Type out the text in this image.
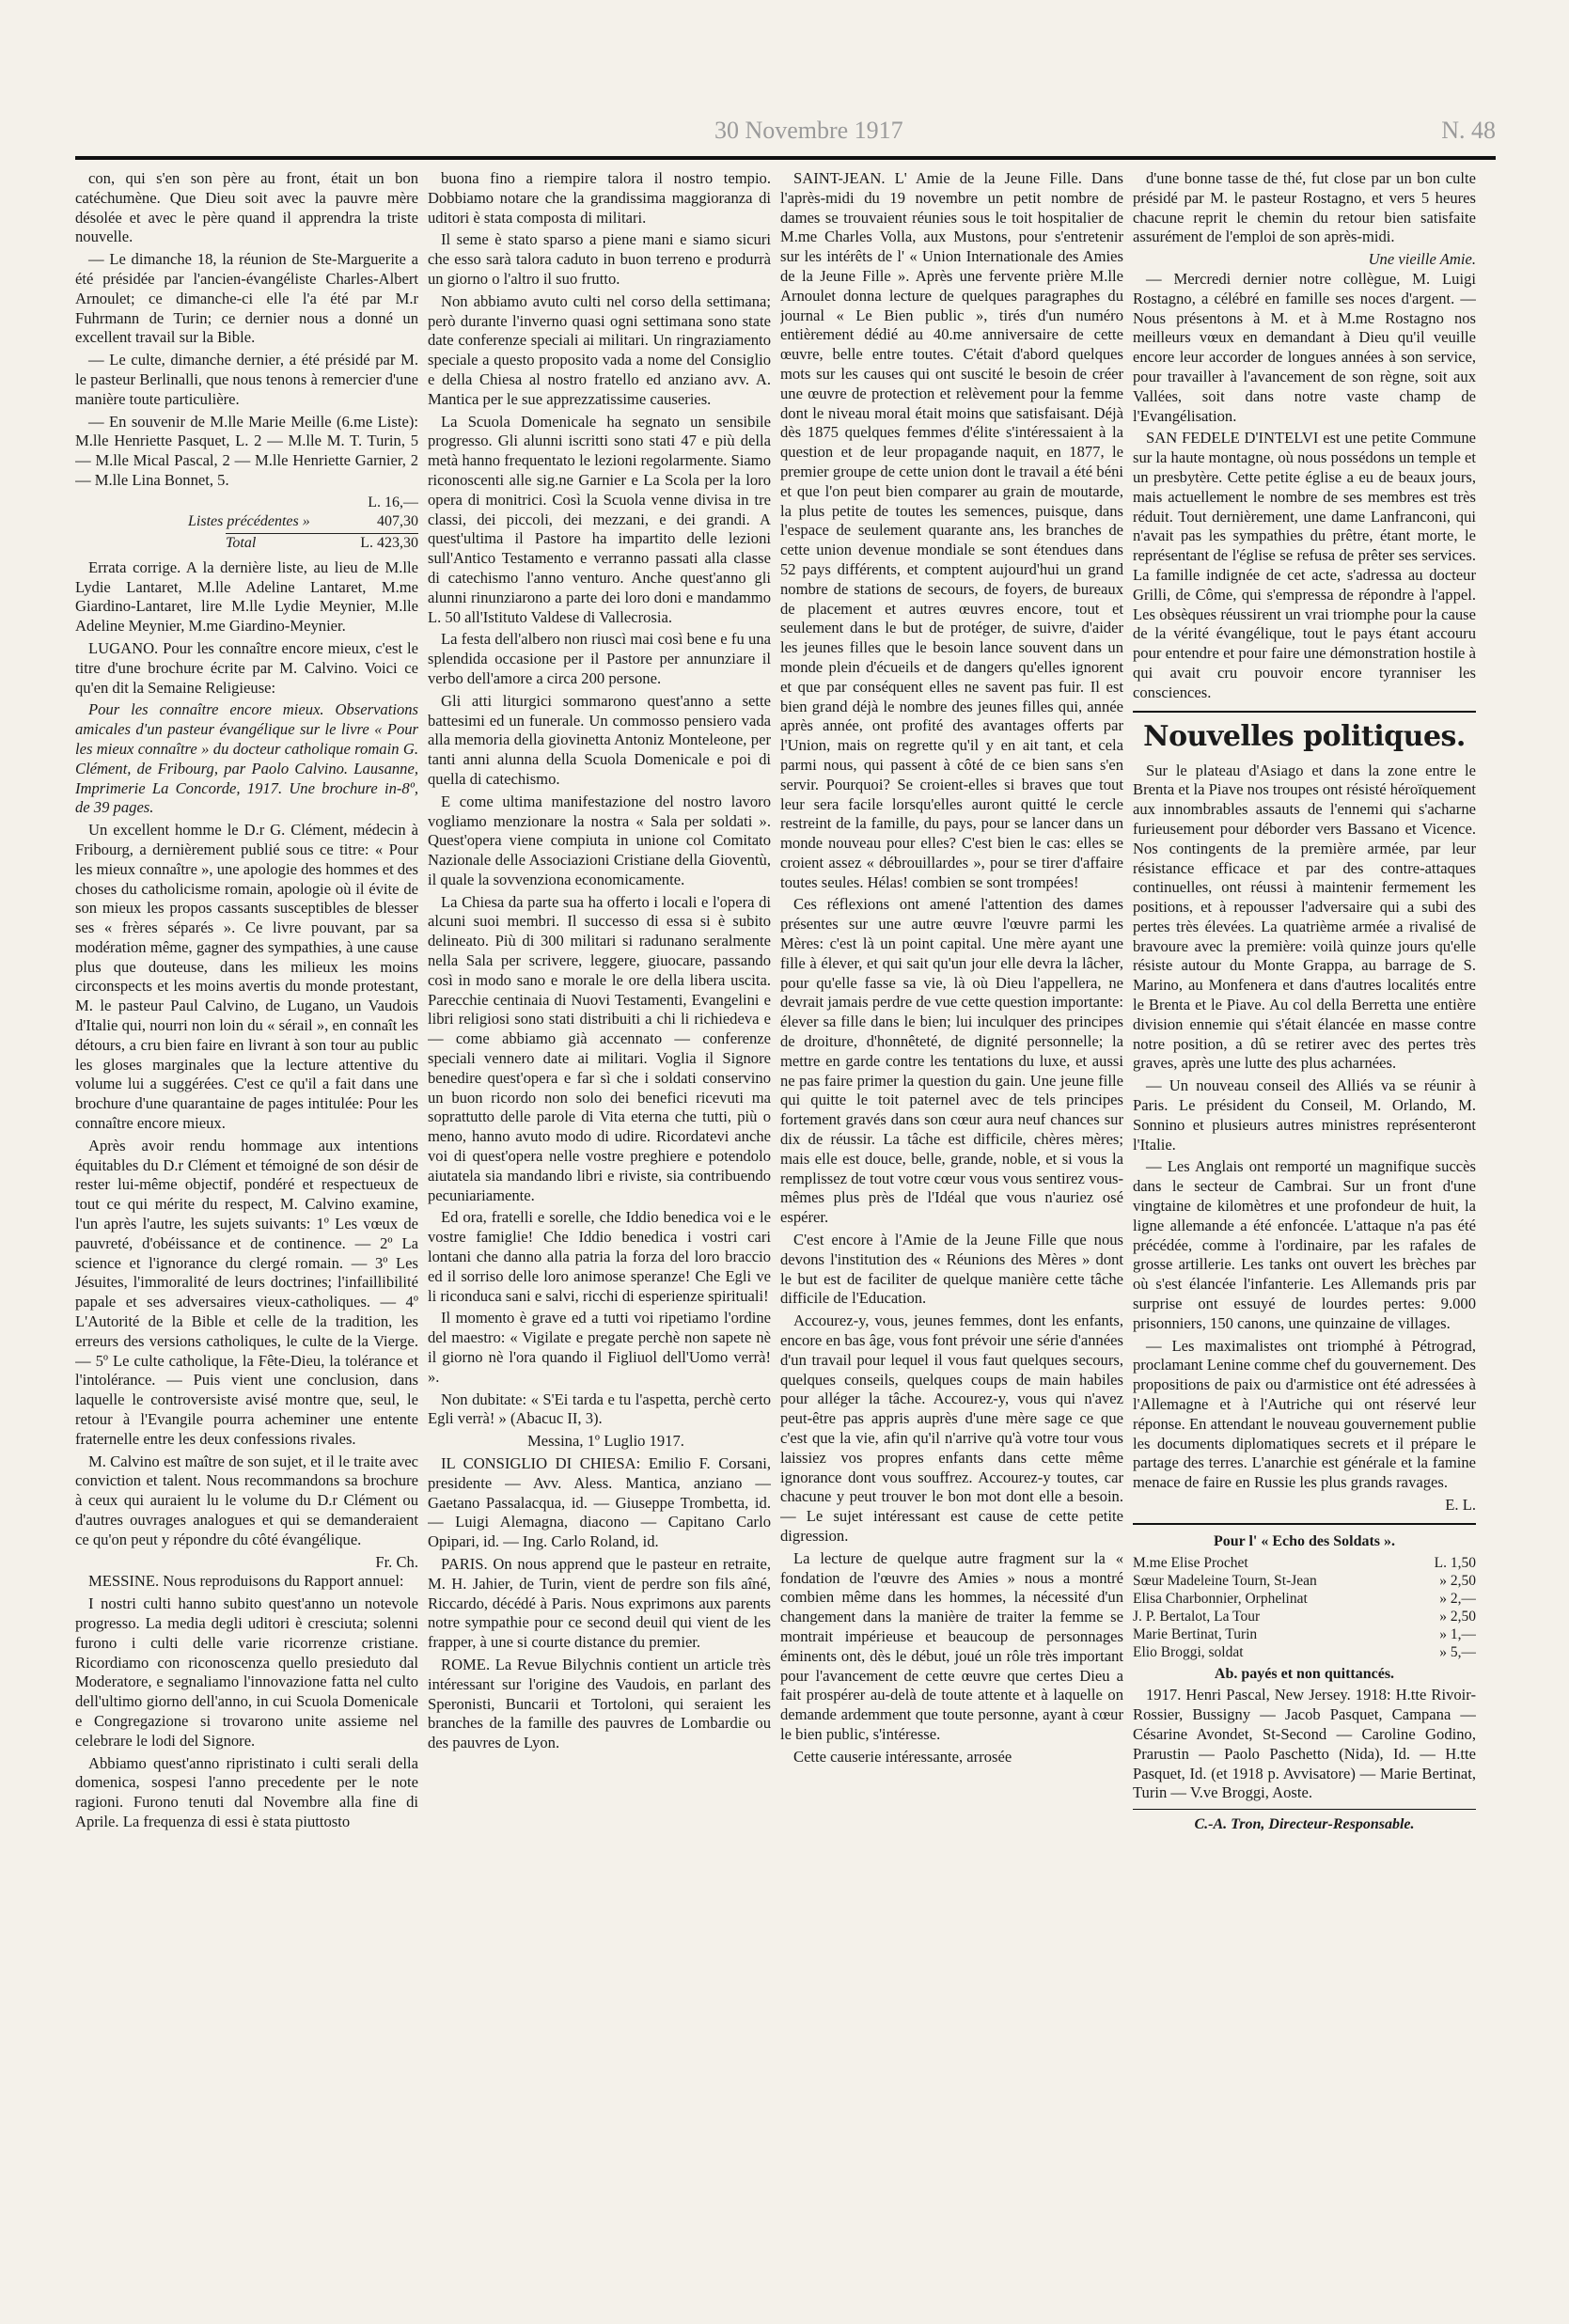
30 Novembre 1917	N. 48

con, qui s'en son père au front, était un bon catéchumène. Que Dieu soit avec la pauvre mère désolée et avec le père quand il apprendra la triste nouvelle.

— Le dimanche 18, la réunion de Ste-Marguerite a été présidée par l'ancien-évangéliste Charles-Albert Arnoulet; ce dimanche-ci elle l'a été par M.r Fuhrmann de Turin; ce dernier nous a donné un excellent travail sur la Bible.

— Le culte, dimanche dernier, a été présidé par M. le pasteur Berlinalli, que nous tenons à remercier d'une manière toute particulière.

— En souvenir de M.lle Marie Meille (6.me Liste): M.lle Henriette Pasquet, L. 2 — M.lle M. T. Turin, 5 — M.lle Mical Pascal, 2 — M.lle Henriette Garnier, 2 — M.lle Lina Bonnet, 5.

L. 16,—
Listes précédentes »	407,30
Total	L. 423,30

Errata corrige. A la dernière liste, au lieu de M.lle Lydie Lantaret, M.lle Adeline Lantaret, M.me Giardino-Lantaret, lire M.lle Lydie Meynier, M.lle Adeline Meynier, M.me Giardino-Meynier.

LUGANO. Pour les connaître encore mieux, c'est le titre d'une brochure écrite par M. Calvino. Voici ce qu'en dit la Semaine Religieuse:

Pour les connaître encore mieux. Observations amicales d'un pasteur évangélique sur le livre « Pour les mieux connaître » du docteur catholique romain G. Clément, de Fribourg, par Paolo Calvino. Lausanne, Imprimerie La Concorde, 1917. Une brochure in-8º, de 39 pages.

Un excellent homme le D.r G. Clément, médecin à Fribourg, a dernièrement publié sous ce titre: « Pour les mieux connaître », une apologie des hommes et des choses du catholicisme romain, apologie où il évite de son mieux les propos cassants susceptibles de blesser ses « frères séparés ». Ce livre pouvant, par sa modération même, gagner des sympathies, à une cause plus que douteuse, dans les milieux les moins circonspects et les moins avertis du monde protestant, M. le pasteur Paul Calvino, de Lugano, un Vaudois d'Italie qui, nourri non loin du « sérail », en connaît les détours, a cru bien faire en livrant à son tour au public les gloses marginales que la lecture attentive du volume lui a suggérées. C'est ce qu'il a fait dans une brochure d'une quarantaine de pages intitulée: Pour les connaître encore mieux.

Après avoir rendu hommage aux intentions équitables du D.r Clément et témoigné de son désir de rester lui-même objectif, pondéré et respectueux de tout ce qui mérite du respect, M. Calvino examine, l'un après l'autre, les sujets suivants: 1º Les vœux de pauvreté, d'obéissance et de continence. — 2º La science et l'ignorance du clergé romain. — 3º Les Jésuites, l'immoralité de leurs doctrines; l'infaillibilité papale et ses adversaires vieux-catholiques. — 4º L'Autorité de la Bible et celle de la tradition, les erreurs des versions catholiques, le culte de la Vierge. — 5º Le culte catholique, la Fête-Dieu, la tolérance et l'intolérance. — Puis vient une conclusion, dans laquelle le controversiste avisé montre que, seul, le retour à l'Evangile pourra acheminer une entente fraternelle entre les deux confessions rivales.

M. Calvino est maître de son sujet, et il le traite avec conviction et talent. Nous recommandons sa brochure à ceux qui auraient lu le volume du D.r Clément ou d'autres ouvrages analogues et qui se demanderaient ce qu'on peut y répondre du côté évangélique.

Fr. Ch.

MESSINE. Nous reproduisons du Rapport annuel:

I nostri culti hanno subito quest'anno un notevole progresso. La media degli uditori è cresciuta; solenni furono i culti delle varie ricorrenze cristiane. Ricordiamo con riconoscenza quello presieduto dal Moderatore, e segnaliamo l'innovazione fatta nel culto dell'ultimo giorno dell'anno, in cui Scuola Domenicale e Congregazione si trovarono unite assieme nel celebrare le lodi del Signore.

Abbiamo quest'anno ripristinato i culti serali della domenica, sospesi l'anno precedente per le note ragioni. Furono tenuti dal Novembre alla fine di Aprile. La frequenza di essi è stata piuttosto

buona fino a riempire talora il nostro tempio. Dobbiamo notare che la grandissima maggioranza di uditori è stata composta di militari.

Il seme è stato sparso a piene mani e siamo sicuri che esso sarà talora caduto in buon terreno e produrrà un giorno o l'altro il suo frutto.

Non abbiamo avuto culti nel corso della settimana; però durante l'inverno quasi ogni settimana sono state date conferenze speciali ai militari. Un ringraziamento speciale a questo proposito vada a nome del Consiglio e della Chiesa al nostro fratello ed anziano avv. A. Mantica per le sue apprezzatissime causeries.

La Scuola Domenicale ha segnato un sensibile progresso. Gli alunni iscritti sono stati 47 e più della metà hanno frequentato le lezioni regolarmente. Siamo riconoscenti alle sig.ne Garnier e La Scola per la loro opera di monitrici. Così la Scuola venne divisa in tre classi, dei piccoli, dei mezzani, e dei grandi. A quest'ultima il Pastore ha impartito delle lezioni sull'Antico Testamento e verranno passati alla classe di catechismo l'anno venturo. Anche quest'anno gli alunni rinunziarono a parte dei loro doni e mandammo L. 50 all'Istituto Valdese di Vallecrosia.

La festa dell'albero non riuscì mai così bene e fu una splendida occasione per il Pastore per annunziare il verbo dell'amore a circa 200 persone.

Gli atti liturgici sommarono quest'anno a sette battesimi ed un funerale. Un commosso pensiero vada alla memoria della giovinetta Antoniz Monteleone, per tanti anni alunna della Scuola Domenicale e poi di quella di catechismo.

E come ultima manifestazione del nostro lavoro vogliamo menzionare la nostra « Sala per soldati ». Quest'opera viene compiuta in unione col Comitato Nazionale delle Associazioni Cristiane della Gioventù, il quale la sovvenziona economicamente.

La Chiesa da parte sua ha offerto i locali e l'opera di alcuni suoi membri. Il successo di essa si è subito delineato. Più di 300 militari si radunano seralmente nella Sala per scrivere, leggere, giuocare, passando così in modo sano e morale le ore della libera uscita. Parecchie centinaia di Nuovi Testamenti, Evangelini e libri religiosi sono stati distribuiti a chi li richiedeva e — come abbiamo già accennato — conferenze speciali vennero date ai militari. Voglia il Signore benedire quest'opera e far sì che i soldati conservino un buon ricordo non solo dei benefici ricevuti ma soprattutto delle parole di Vita eterna che tutti, più o meno, hanno avuto modo di udire. Ricordatevi anche voi di quest'opera nelle vostre preghiere e potendolo aiutatela sia mandando libri e riviste, sia contribuendo pecuniariamente.

Ed ora, fratelli e sorelle, che Iddio benedica voi e le vostre famiglie! Che Iddio benedica i vostri cari lontani che danno alla patria la forza del loro braccio ed il sorriso delle loro animose speranze! Che Egli ve li riconduca sani e salvi, ricchi di esperienze spirituali!

Il momento è grave ed a tutti voi ripetiamo l'ordine del maestro: « Vigilate e pregate perchè non sapete nè il giorno nè l'ora quando il Figliuol dell'Uomo verrà! ».

Non dubitate: « S'Ei tarda e tu l'aspetta, perchè certo Egli verrà! » (Abacuc II, 3).

Messina, 1º Luglio 1917.

IL CONSIGLIO DI CHIESA: Emilio F. Corsani, presidente — Avv. Aless. Mantica, anziano — Gaetano Passalacqua, id. — Giuseppe Trombetta, id. — Luigi Alemagna, diacono — Capitano Carlo Opipari, id. — Ing. Carlo Roland, id.

PARIS. On nous apprend que le pasteur en retraite, M. H. Jahier, de Turin, vient de perdre son fils aîné, Riccardo, décédé à Paris. Nous exprimons aux parents notre sympathie pour ce second deuil qui vient de les frapper, à une si courte distance du premier.

ROME. La Revue Bilychnis contient un article très intéressant sur l'origine des Vaudois, en parlant des Speronisti, Buncarii et Tortoloni, qui seraient les branches de la famille des pauvres de Lombardie ou des pauvres de Lyon.

SAINT-JEAN. L' Amie de la Jeune Fille. Dans l'après-midi du 19 novembre un petit nombre de dames se trouvaient réunies sous le toit hospitalier de M.me Charles Volla, aux Mustons, pour s'entretenir sur les intérêts de l' « Union Internationale des Amies de la Jeune Fille ». Après une fervente prière M.lle Arnoulet donna lecture de quelques paragraphes du journal « Le Bien public », tirés d'un numéro entièrement dédié au 40.me anniversaire de cette œuvre, belle entre toutes. C'était d'abord quelques mots sur les causes qui ont suscité le besoin de créer une œuvre de protection et relèvement pour la femme dont le niveau moral était moins que satisfaisant. Déjà dès 1875 quelques femmes d'élite s'intéressaient à la question et de leur propagande naquit, en 1877, le premier groupe de cette union dont le travail a été béni et que l'on peut bien comparer au grain de moutarde, la plus petite de toutes les semences, puisque, dans l'espace de seulement quarante ans, les branches de cette union devenue mondiale se sont étendues dans 52 pays différents, et comptent aujourd'hui un grand nombre de stations de secours, de foyers, de bureaux de placement et autres œuvres encore, tout et seulement dans le but de protéger, de suivre, d'aider les jeunes filles que le besoin lance souvent dans un monde plein d'écueils et de dangers qu'elles ignorent et que par conséquent elles ne savent pas fuir. Il est bien grand déjà le nombre des jeunes filles qui, année après année, ont profité des avantages offerts par l'Union, mais on regrette qu'il y en ait tant, et cela parmi nous, qui passent à côté de ce bien sans s'en servir. Pourquoi? Se croient-elles si braves que tout leur sera facile lorsqu'elles auront quitté le cercle restreint de la famille, du pays, pour se lancer dans un monde nouveau pour elles? C'est bien le cas: elles se croient assez « débrouillardes », pour se tirer d'affaire toutes seules. Hélas! combien se sont trompées!

Ces réflexions ont amené l'attention des dames présentes sur une autre œuvre l'œuvre parmi les Mères: c'est là un point capital. Une mère ayant une fille à élever, et qui sait qu'un jour elle devra la lâcher, pour qu'elle fasse sa vie, là où Dieu l'appellera, ne devrait jamais perdre de vue cette question importante: élever sa fille dans le bien; lui inculquer des principes de droiture, d'honnêteté, de dignité personnelle; la mettre en garde contre les tentations du luxe, et aussi ne pas faire primer la question du gain. Une jeune fille qui quitte le toit paternel avec de tels principes fortement gravés dans son cœur aura neuf chances sur dix de réussir. La tâche est difficile, chères mères; mais elle est douce, belle, grande, noble, et si vous la remplissez de tout votre cœur vous vous sentirez vous-mêmes plus près de l'Idéal que vous n'auriez osé espérer.

C'est encore à l'Amie de la Jeune Fille que nous devons l'institution des « Réunions des Mères » dont le but est de faciliter de quelque manière cette tâche difficile de l'Education.

Accourez-y, vous, jeunes femmes, dont les enfants, encore en bas âge, vous font prévoir une série d'années d'un travail pour lequel il vous faut quelques secours, quelques conseils, quelques coups de main habiles pour alléger la tâche. Accourez-y, vous qui n'avez peut-être pas appris auprès d'une mère sage ce que c'est que la vie, afin qu'il n'arrive qu'à votre tour vous laissiez vos propres enfants dans cette même ignorance dont vous souffrez. Accourez-y toutes, car chacune y peut trouver le bon mot dont elle a besoin. — Le sujet intéressant est cause de cette petite digression.

La lecture de quelque autre fragment sur la « fondation de l'œuvre des Amies » nous a montré combien même dans les hommes, la nécessité d'un changement dans la manière de traiter la femme se montrait impérieuse et beaucoup de personnages éminents ont, dès le début, joué un rôle très important pour l'avancement de cette œuvre que certes Dieu a fait prospérer au-delà de toute attente et à laquelle on demande ardemment que toute personne, ayant à cœur le bien public, s'intéresse.

Cette causerie intéressante, arrosée

d'une bonne tasse de thé, fut close par un bon culte présidé par M. le pasteur Rostagno, et vers 5 heures chacune reprit le chemin du retour bien satisfaite assurément de l'emploi de son après-midi.

Une vieille Amie.

— Mercredi dernier notre collègue, M. Luigi Rostagno, a célébré en famille ses noces d'argent. — Nous présentons à M. et à M.me Rostagno nos meilleurs vœux en demandant à Dieu qu'il veuille encore leur accorder de longues années à son service, pour travailler à l'avancement de son règne, soit aux Vallées, soit dans notre vaste champ de l'Evangélisation.

SAN FEDELE D'INTELVI est une petite Commune sur la haute montagne, où nous possédons un temple et un presbytère. Cette petite église a eu de beaux jours, mais actuellement le nombre de ses membres est très réduit. Tout dernièrement, une dame Lanfranconi, qui n'avait pas les sympathies du prêtre, étant morte, le représentant de l'église se refusa de prêter ses services. La famille indignée de cet acte, s'adressa au docteur Grilli, de Côme, qui s'empressa de répondre à l'appel. Les obsèques réussirent un vrai triomphe pour la cause de la vérité évangélique, tout le pays étant accouru pour entendre et pour faire une démonstration hostile à qui avait cru pouvoir encore tyranniser les consciences.

Nouvelles politiques.

Sur le plateau d'Asiago et dans la zone entre le Brenta et la Piave nos troupes ont résisté héroïquement aux innombrables assauts de l'ennemi qui s'acharne furieusement pour déborder vers Bassano et Vicence. Nos contingents de la première armée, par leur résistance efficace et par des contre-attaques continuelles, ont réussi à maintenir fermement les positions, et à repousser l'adversaire qui a subi des pertes très élevées. La quatrième armée a rivalisé de bravoure avec la première: voilà quinze jours qu'elle résiste autour du Monte Grappa, au barrage de S. Marino, au Monfenera et dans d'autres localités entre le Brenta et le Piave. Au col della Berretta une entière division ennemie qui s'était élancée en masse contre notre position, a dû se retirer avec des pertes très graves, après une lutte des plus acharnées.

— Un nouveau conseil des Alliés va se réunir à Paris. Le président du Conseil, M. Orlando, M. Sonnino et plusieurs autres ministres représenteront l'Italie.

— Les Anglais ont remporté un magnifique succès dans le secteur de Cambrai. Sur un front d'une vingtaine de kilomètres et une profondeur de huit, la ligne allemande a été enfoncée. L'attaque n'a pas été précédée, comme à l'ordinaire, par les rafales de grosse artillerie. Les tanks ont ouvert les brèches par où s'est élancée l'infanterie. Les Allemands pris par surprise ont essuyé de lourdes pertes: 9.000 prisonniers, 150 canons, une quinzaine de villages.

— Les maximalistes ont triomphé à Pétrograd, proclamant Lenine comme chef du gouvernement. Des propositions de paix ou d'armistice ont été adressées à l'Allemagne et à l'Autriche qui ont réservé leur réponse. En attendant le nouveau gouvernement publie les documents diplomatiques secrets et il prépare le partage des terres. L'anarchie est générale et la famine menace de faire en Russie les plus grands ravages.

E. L.
Pour l' « Echo des Soldats ».
M.me Elise Prochet	L. 1,50
Sœur Madeleine Tourn, St-Jean	» 2,50
Elisa Charbonnier, Orphelinat	» 2,—
J. P. Bertalot, La Tour	» 2,50
Marie Bertinat, Turin	» 1,—
Elio Broggi, soldat	» 5,—
Ab. payés et non quittancés.

1917. Henri Pascal, New Jersey. 1918: H.tte Rivoir-Rossier, Bussigny — Jacob Pasquet, Campana — Césarine Avondet, St-Second — Caroline Godino, Prarustin — Paolo Paschetto (Nida), Id. — H.tte Pasquet, Id. (et 1918 p. Avvisatore) — Marie Bertinat, Turin — V.ve Broggi, Aoste.

C.-A. Tron, Directeur-Responsable.
